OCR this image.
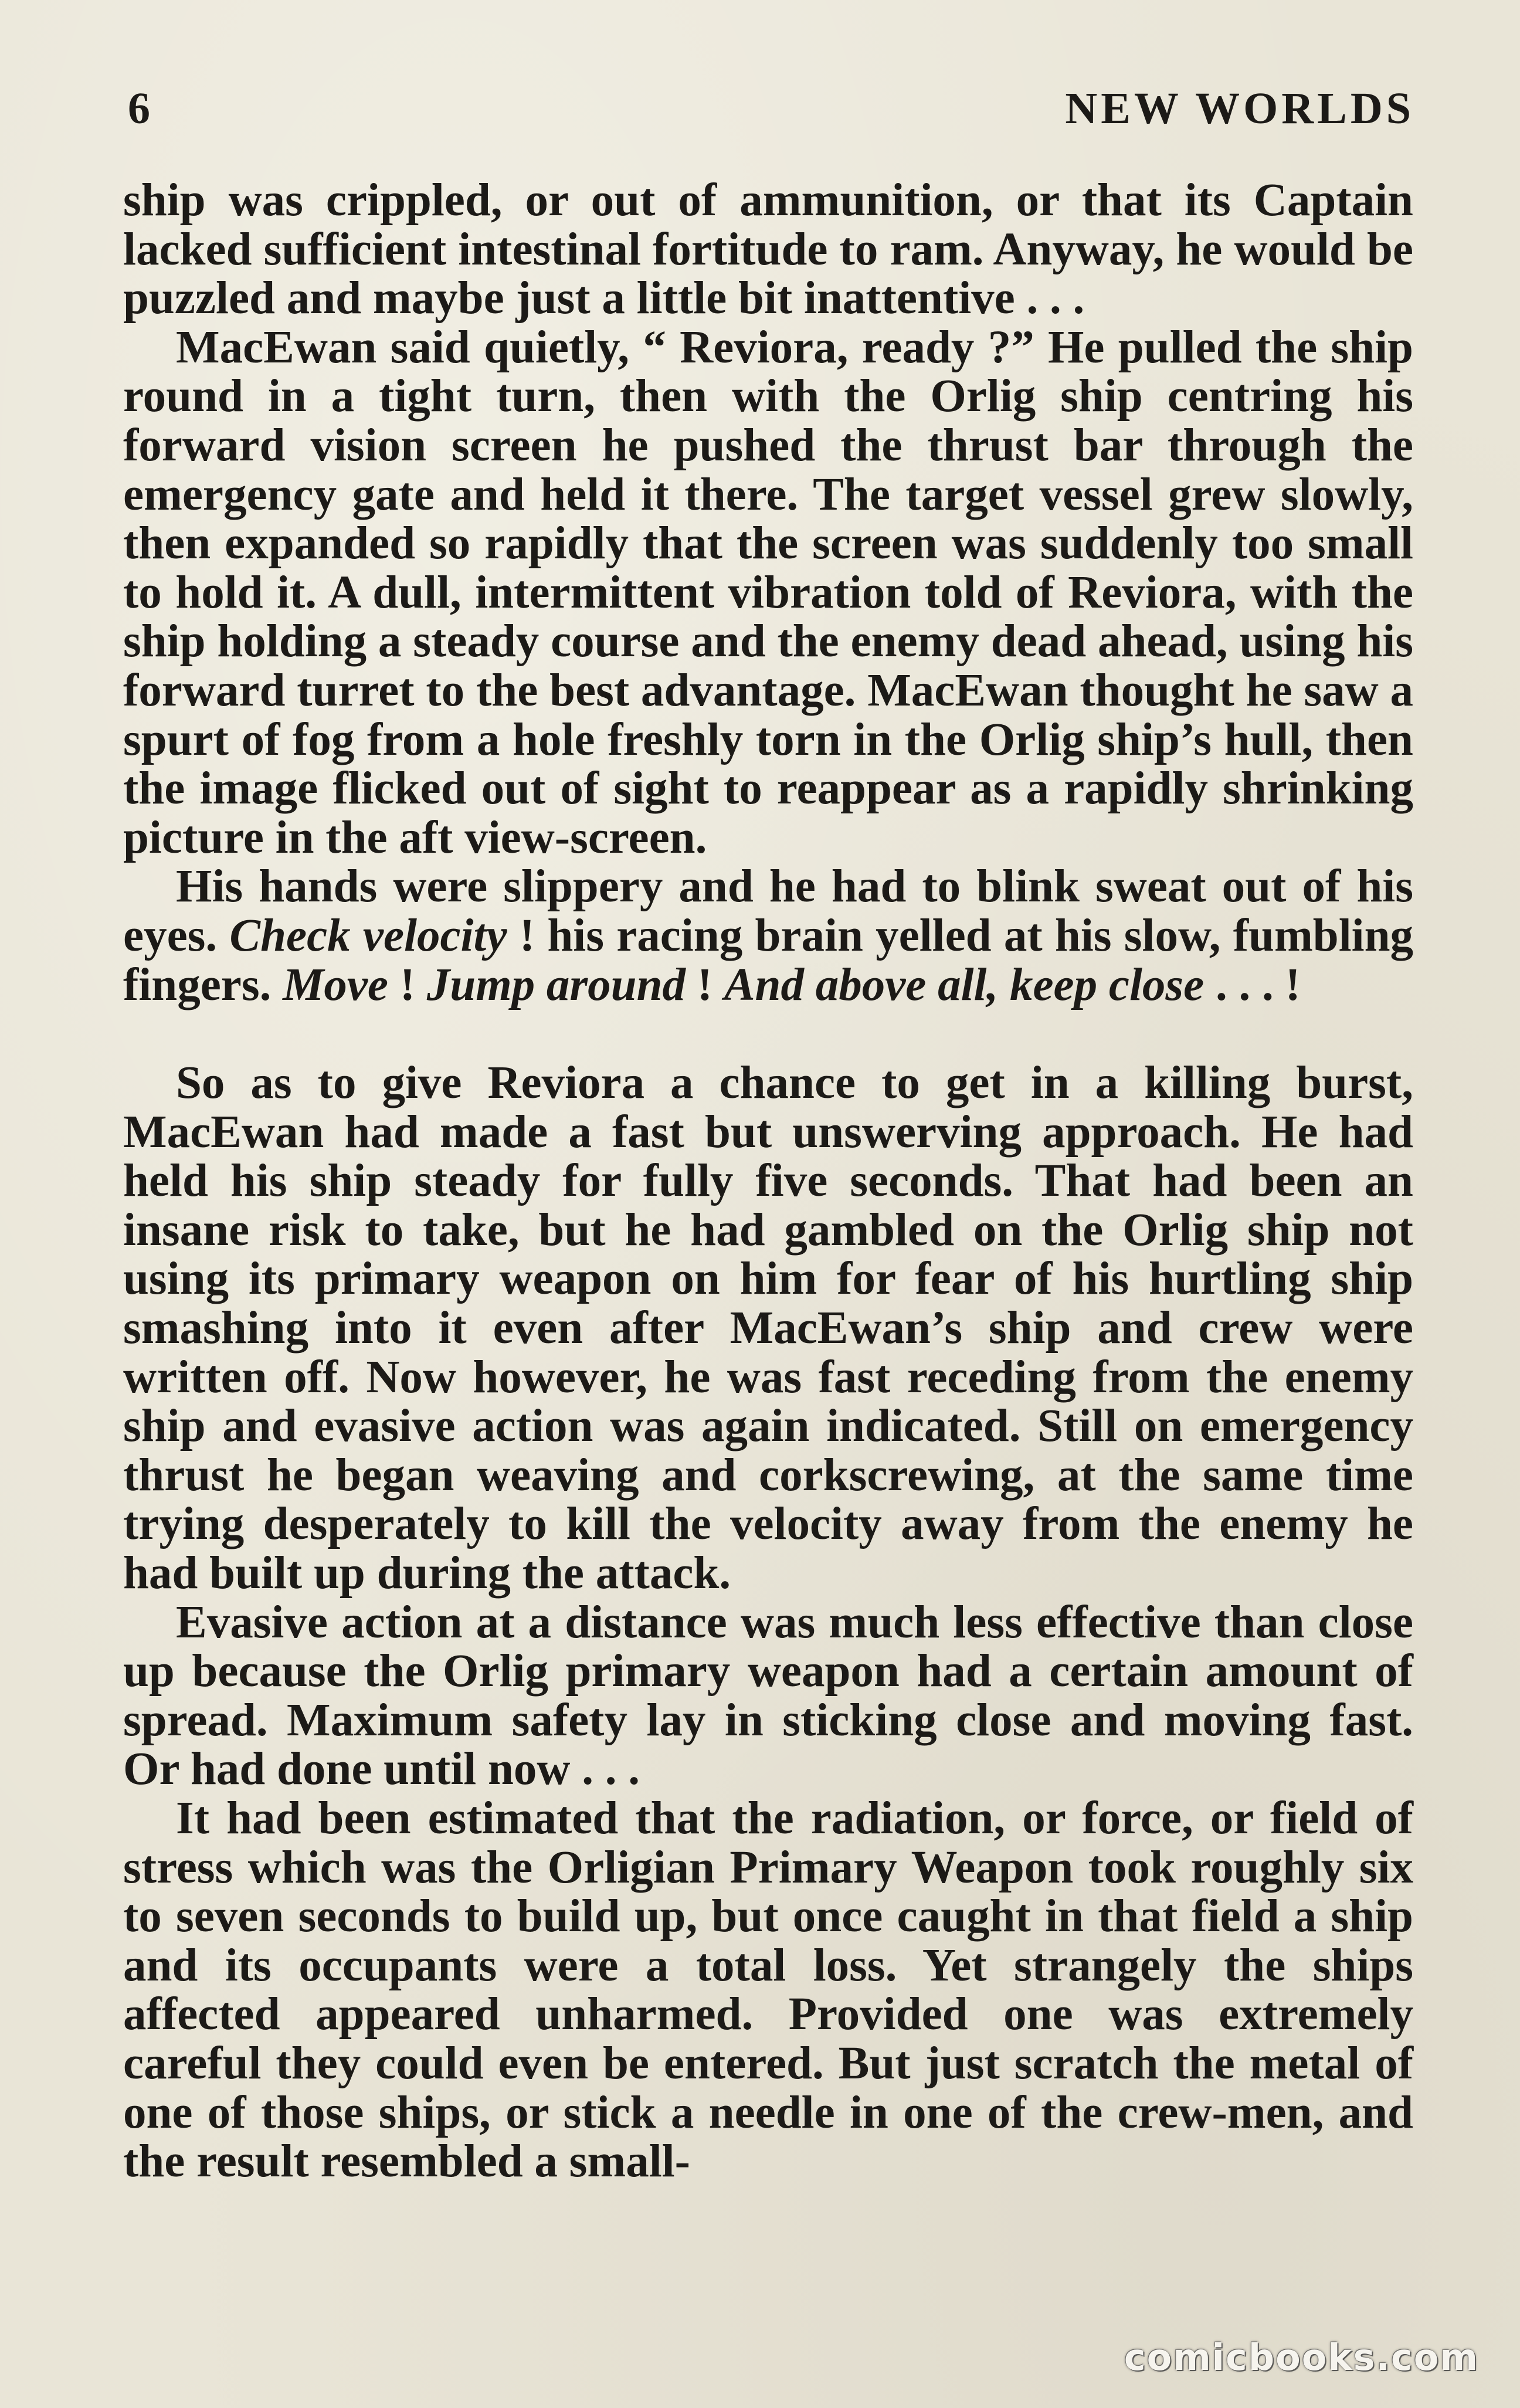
6	NEW WORLDS

ship was crippled, or out of ammunition, or that its Captain lacked sufficient intestinal fortitude to ram. Anyway, he would be puzzled and maybe just a little bit inattentive . . .

MacEwan said quietly, “ Reviora, ready ?” He pulled the ship round in a tight turn, then with the Orlig ship centring his forward vision screen he pushed the thrust bar through the emergency gate and held it there. The target vessel grew slowly, then expanded so rapidly that the screen was suddenly too small to hold it. A dull, intermittent vibration told of Reviora, with the ship holding a steady course and the enemy dead ahead, using his forward turret to the best advantage. MacEwan thought he saw a spurt of fog from a hole freshly torn in the Orlig ship’s hull, then the image flicked out of sight to reappear as a rapidly shrinking picture in the aft view-screen.

His hands were slippery and he had to blink sweat out of his eyes. Check velocity ! his racing brain yelled at his slow, fumbling fingers. Move ! Jump around ! And above all, keep close . . . !

So as to give Reviora a chance to get in a killing burst, MacEwan had made a fast but unswerving approach. He had held his ship steady for fully five seconds. That had been an insane risk to take, but he had gambled on the Orlig ship not using its primary weapon on him for fear of his hurtling ship smashing into it even after MacEwan’s ship and crew were written off. Now however, he was fast receding from the enemy ship and evasive action was again indicated. Still on emergency thrust he began weaving and corkscrewing, at the same time trying desperately to kill the velocity away from the enemy he had built up during the attack.

Evasive action at a distance was much less effective than close up because the Orlig primary weapon had a certain amount of spread. Maximum safety lay in sticking close and moving fast. Or had done until now . . .

It had been estimated that the radiation, or force, or field of stress which was the Orligian Primary Weapon took roughly six to seven seconds to build up, but once caught in that field a ship and its occupants were a total loss. Yet strangely the ships affected appeared unharmed. Provided one was extremely careful they could even be entered. But just scratch the metal of one of those ships, or stick a needle in one of the crew-men, and the result resembled a small-

comicbooks.com
